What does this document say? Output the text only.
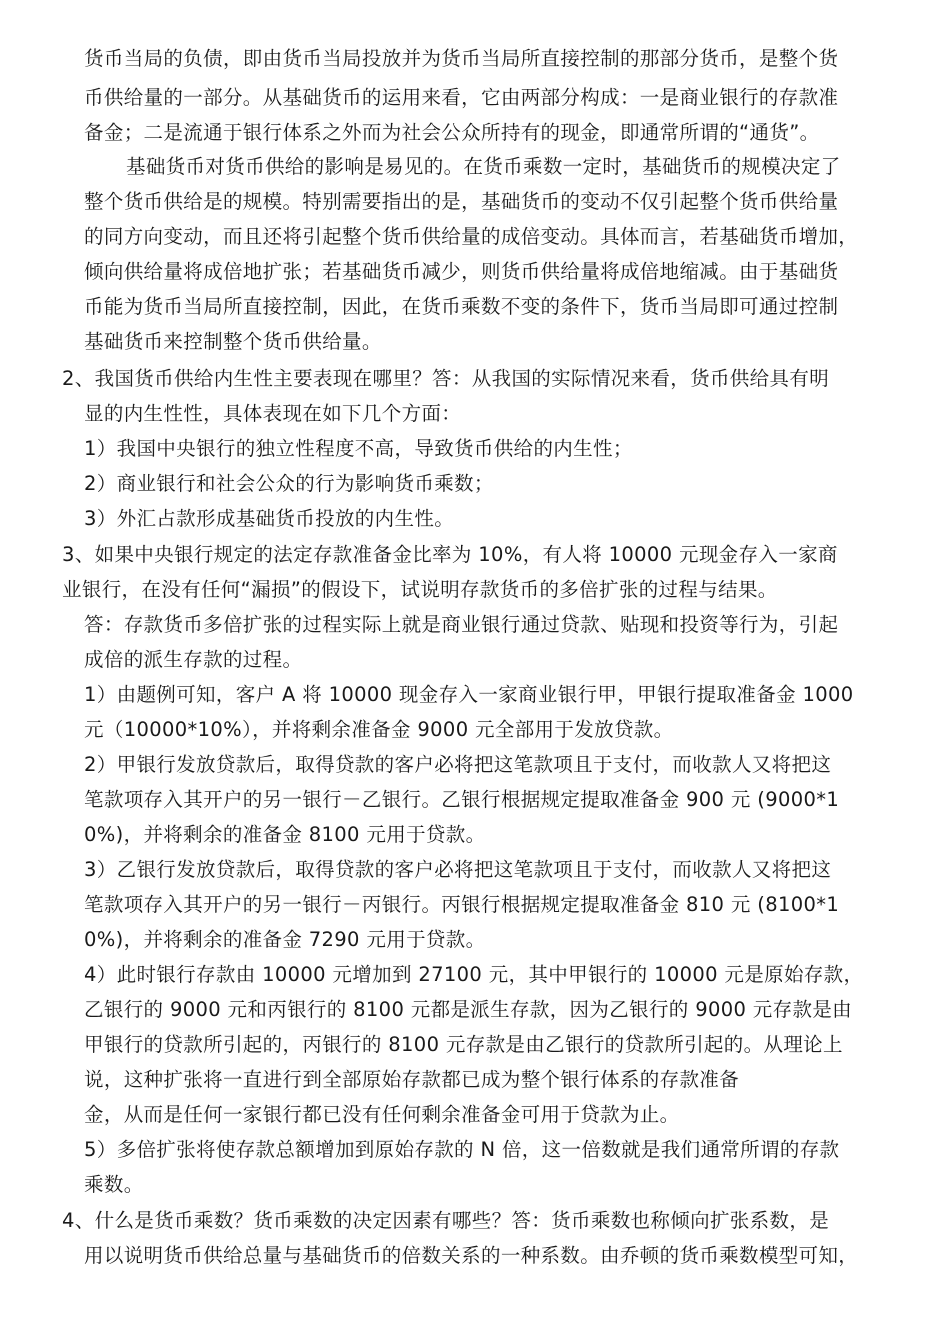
货币当局的负债，即由货币当局投放并为货币当局所直接控制的那部分货币，是整个货
币供给量的一部分。从基础货币的运用来看，它由两部分构成：一是商业银行的存款准
备金；二是流通于银行体系之外而为社会公众所持有的现金，即通常所谓的“通货”。
基础货币对货币供给的影响是易见的。在货币乘数一定时，基础货币的规模决定了
整个货币供给是的规模。特别需要指出的是，基础货币的变动不仅引起整个货币供给量
的同方向变动，而且还将引起整个货币供给量的成倍变动。具体而言，若基础货币增加，
倾向供给量将成倍地扩张；若基础货币减少，则货币供给量将成倍地缩减。由于基础货
币能为货币当局所直接控制，因此，在货币乘数不变的条件下，货币当局即可通过控制
基础货币来控制整个货币供给量。
2、我国货币供给内生性主要表现在哪里？答：从我国的实际情况来看，货币供给具有明
显的内生性性，具体表现在如下几个方面：
1）我国中央银行的独立性程度不高，导致货币供给的内生性；
2）商业银行和社会公众的行为影响货币乘数；
3）外汇占款形成基础货币投放的内生性。
3、如果中央银行规定的法定存款准备金比率为 10%，有人将 10000 元现金存入一家商
业银行，在没有任何“漏损”的假设下，试说明存款货币的多倍扩张的过程与结果。
答：存款货币多倍扩张的过程实际上就是商业银行通过贷款、贴现和投资等行为，引起
成倍的派生存款的过程。
1）由题例可知，客户 A 将 10000 现金存入一家商业银行甲，甲银行提取准备金 1000
元（10000*10%），并将剩余准备金 9000 元全部用于发放贷款。
2）甲银行发放贷款后，取得贷款的客户必将把这笔款项且于支付，而收款人又将把这
笔款项存入其开户的另一银行－乙银行。乙银行根据规定提取准备金 900 元 (9000*1
0%)，并将剩余的准备金 8100 元用于贷款。
3）乙银行发放贷款后，取得贷款的客户必将把这笔款项且于支付，而收款人又将把这
笔款项存入其开户的另一银行－丙银行。丙银行根据规定提取准备金 810 元 (8100*1
0%)，并将剩余的准备金 7290 元用于贷款。
4）此时银行存款由 10000 元增加到 27100 元，其中甲银行的 10000 元是原始存款，
乙银行的 9000 元和丙银行的 8100 元都是派生存款，因为乙银行的 9000 元存款是由
甲银行的贷款所引起的，丙银行的 8100 元存款是由乙银行的贷款所引起的。从理论上
说，这种扩张将一直进行到全部原始存款都已成为整个银行体系的存款准备
金，从而是任何一家银行都已没有任何剩余准备金可用于贷款为止。
5）多倍扩张将使存款总额增加到原始存款的 N 倍，这一倍数就是我们通常所谓的存款
乘数。
4、什么是货币乘数？货币乘数的决定因素有哪些？答：货币乘数也称倾向扩张系数，是
用以说明货币供给总量与基础货币的倍数关系的一种系数。由乔顿的货币乘数模型可知，
